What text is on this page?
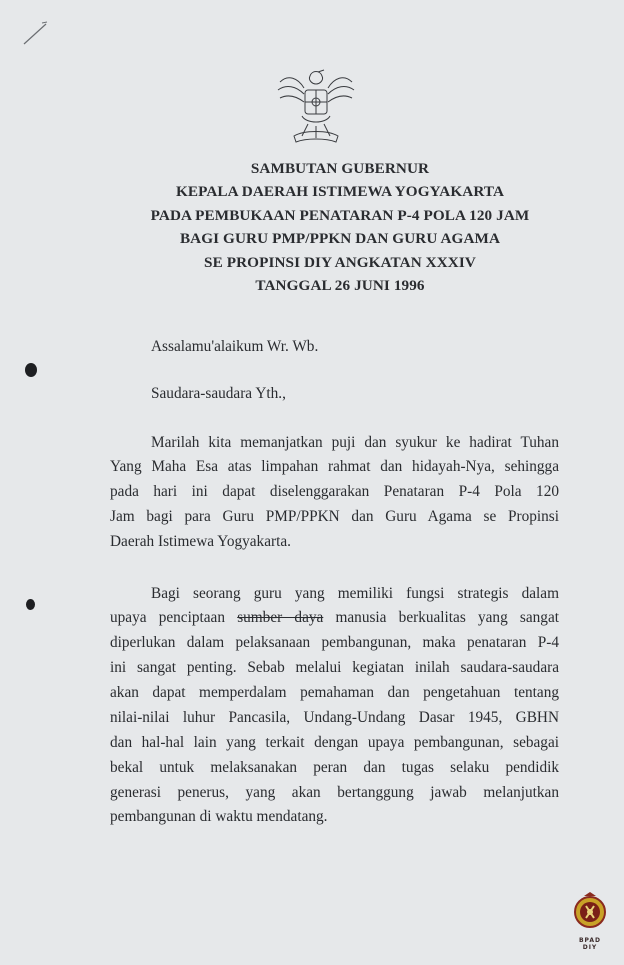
SAMBUTAN GUBERNUR
KEPALA DAERAH ISTIMEWA YOGYAKARTA
PADA PEMBUKAAN PENATARAN P-4 POLA 120 JAM
BAGI GURU PMP/PPKN DAN GURU AGAMA
SE PROPINSI DIY ANGKATAN XXXIV
TANGGAL 26 JUNI 1996
Assalamu'alaikum Wr. Wb.
Saudara-saudara Yth.,
Marilah kita memanjatkan puji dan syukur ke hadirat Tuhan
Yang Maha Esa atas limpahan rahmat dan hidayah-Nya, sehingga
pada hari ini dapat diselenggarakan Penataran P-4 Pola 120
Jam bagi para Guru PMP/PPKN dan Guru Agama se Propinsi
Daerah Istimewa Yogyakarta.
Bagi seorang guru yang memiliki fungsi strategis dalam
upaya penciptaan sumber daya manusia berkualitas yang sangat
diperlukan dalam pelaksanaan pembangunan, maka penataran P-4
ini sangat penting. Sebab melalui kegiatan inilah saudara-saudara
akan dapat memperdalam pemahaman dan pengetahuan tentang
nilai-nilai luhur Pancasila, Undang-Undang Dasar 1945, GBHN
dan hal-hal lain yang terkait dengan upaya pembangunan, sebagai
bekal untuk melaksanakan peran dan tugas selaku pendidik
generasi penerus, yang akan bertanggung jawab melanjutkan
pembangunan di waktu mendatang.
BPAD
DIY
